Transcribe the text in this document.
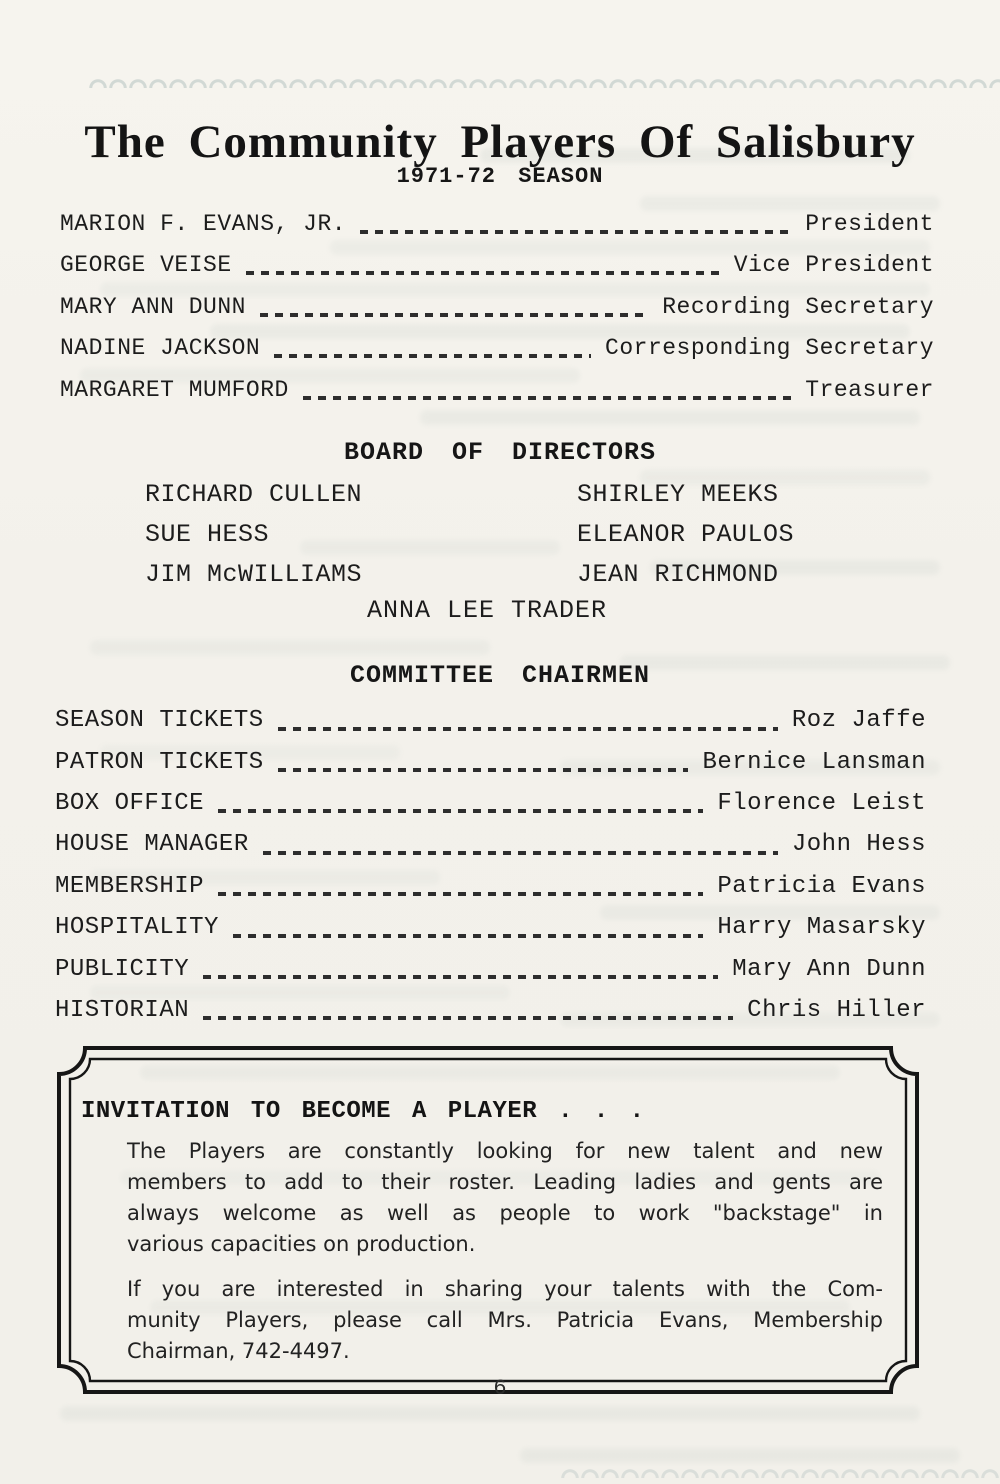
The Community Players Of Salisbury
1971-72 SEASON
MARION F. EVANS, JR.	President
GEORGE VEISE	Vice President
MARY ANN DUNN	Recording Secretary
NADINE JACKSON	Corresponding Secretary
MARGARET MUMFORD	Treasurer
BOARD OF DIRECTORS
RICHARD CULLEN
SUE HESS
JIM McWILLIAMS
SHIRLEY MEEKS
ELEANOR PAULOS
JEAN RICHMOND
ANNA LEE TRADER
COMMITTEE CHAIRMEN
SEASON TICKETS	Roz Jaffe
PATRON TICKETS	Bernice Lansman
BOX OFFICE	Florence Leist
HOUSE MANAGER	John Hess
MEMBERSHIP	Patricia Evans
HOSPITALITY	Harry Masarsky
PUBLICITY	Mary Ann Dunn
HISTORIAN	Chris Hiller
INVITATION TO BECOME A PLAYER . . .
The Players are constantly looking for new talent and new
members to add to their roster. Leading ladies and gents are
always welcome as well as people to work "backstage" in
various capacities on production.
If you are interested in sharing your talents with the Com-
munity Players, please call Mrs. Patricia Evans, Membership
Chairman, 742-4497.
6
